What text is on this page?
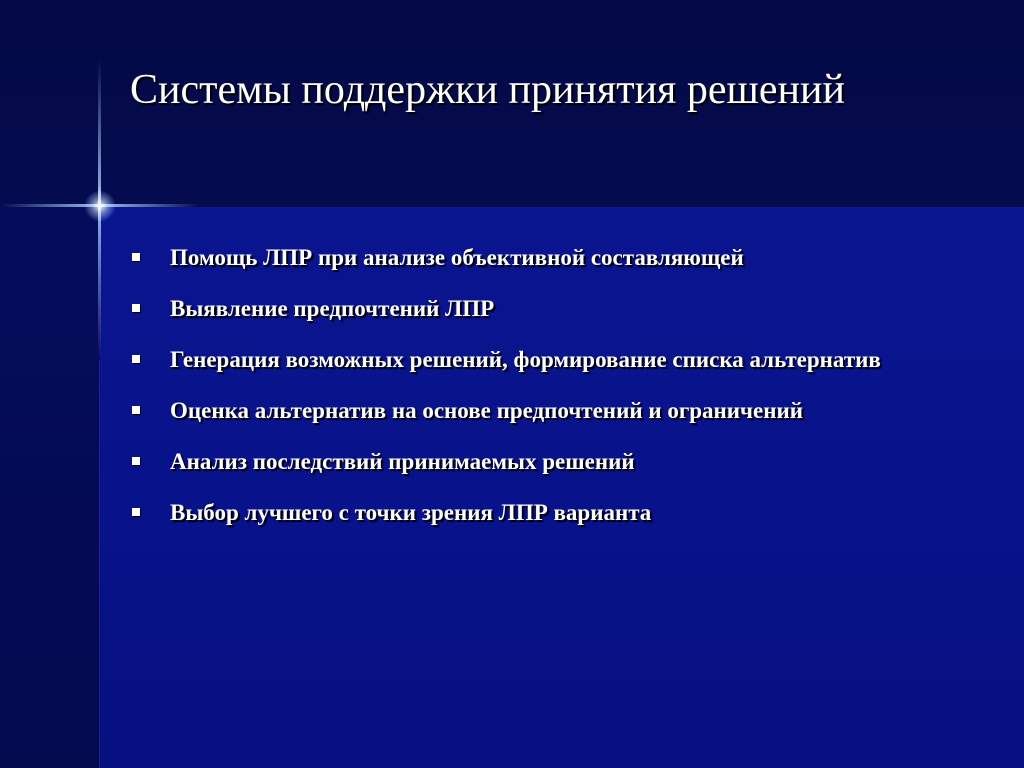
Системы поддержки принятия решений
Помощь ЛПР при анализе объективной составляющей
Выявление предпочтений ЛПР
Генерация возможных решений, формирование списка альтернатив
Оценка альтернатив на основе предпочтений и ограничений
Анализ последствий принимаемых решений
Выбор лучшего с точки зрения ЛПР варианта
